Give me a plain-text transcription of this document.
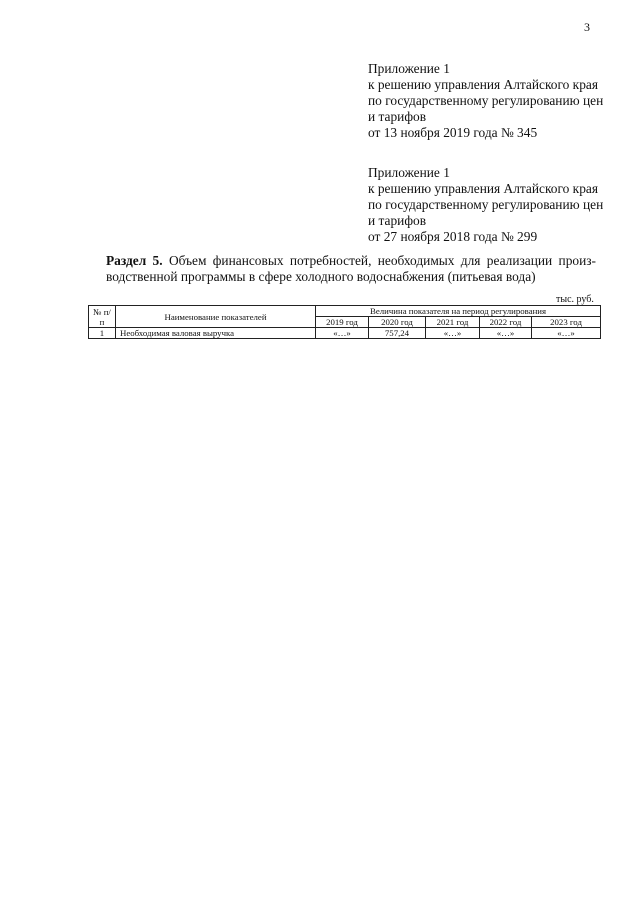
3
Приложение 1
к решению управления Алтайского края
по государственному регулированию цен
и тарифов
от 13 ноября 2019 года № 345
Приложение 1
к решению управления Алтайского края
по государственному регулированию цен
и тарифов
от 27 ноября 2018 года № 299
Раздел 5. Объем финансовых потребностей, необходимых для реализации произ-
водственной программы в сфере холодного водоснабжения (питьевая вода)
тыс. руб.
№ п/п	Наименование показателей	Величина показателя на период регулирования				
		2019 год	2020 год	2021 год	2022 год	2023 год
1	Необходимая валовая выручка	«…»	757,24	«…»	«…»	«…»
